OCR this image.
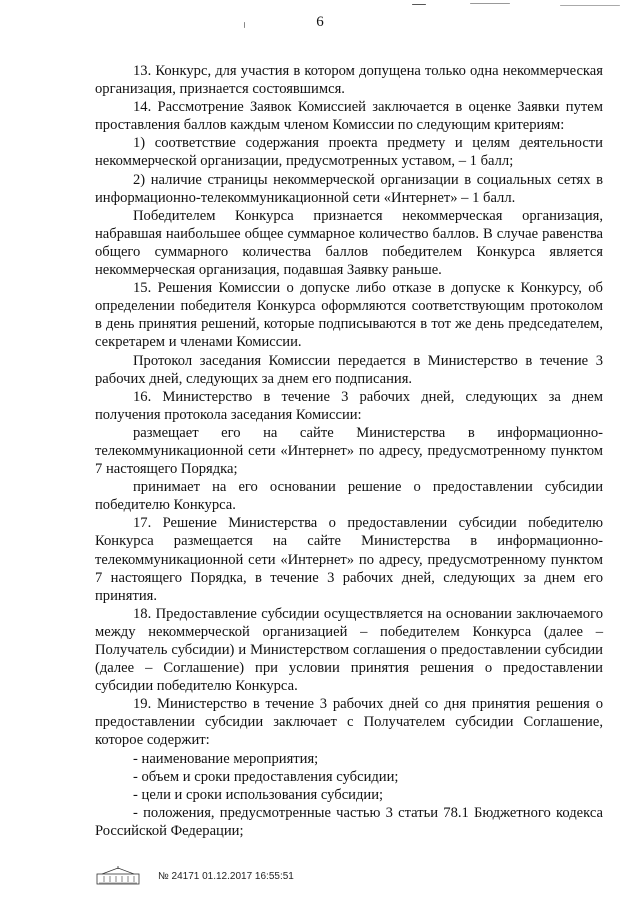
6

13. Конкурс, для участия в котором допущена только одна некоммерческая организация, признается состоявшимся.

14. Рассмотрение Заявок Комиссией заключается в оценке Заявки путем проставления баллов каждым членом Комиссии по следующим критериям:

1) соответствие содержания проекта предмету и целям деятельности некоммерческой организации, предусмотренных уставом, – 1 балл;

2) наличие страницы некоммерческой организации в социальных сетях в информационно-телекоммуникационной сети «Интернет» – 1 балл.

Победителем Конкурса признается некоммерческая организация, набравшая наибольшее общее суммарное количество баллов. В случае равенства общего суммарного количества баллов победителем Конкурса является некоммерческая организация, подавшая Заявку раньше.

15. Решения Комиссии о допуске либо отказе в допуске к Конкурсу, об определении победителя Конкурса оформляются соответствующим протоколом в день принятия решений, которые подписываются в тот же день председателем, секретарем и членами Комиссии.

Протокол заседания Комиссии передается в Министерство в течение 3 рабочих дней, следующих за днем его подписания.

16. Министерство в течение 3 рабочих дней, следующих за днем получения протокола заседания Комиссии:

размещает его на сайте Министерства в информационно-телекоммуникационной сети «Интернет» по адресу, предусмотренному пунктом 7 настоящего Порядка;

принимает на его основании решение о предоставлении субсидии победителю Конкурса.

17. Решение Министерства о предоставлении субсидии победителю Конкурса размещается на сайте Министерства в информационно-телекоммуникационной сети «Интернет» по адресу, предусмотренному пунктом 7 настоящего Порядка, в течение 3 рабочих дней, следующих за днем его принятия.

18. Предоставление субсидии осуществляется на основании заключаемого между некоммерческой организацией – победителем Конкурса (далее – Получатель субсидии) и Министерством соглашения о предоставлении субсидии (далее – Соглашение) при условии принятия решения о предоставлении субсидии победителю Конкурса.

19. Министерство в течение 3 рабочих дней со дня принятия решения о предоставлении субсидии заключает с Получателем субсидии Соглашение, которое содержит:

- наименование мероприятия;

- объем и сроки предоставления субсидии;

- цели и сроки использования субсидии;

- положения, предусмотренные частью 3 статьи 78.1 Бюджетного кодекса Российской Федерации;

№ 24171 01.12.2017 16:55:51
